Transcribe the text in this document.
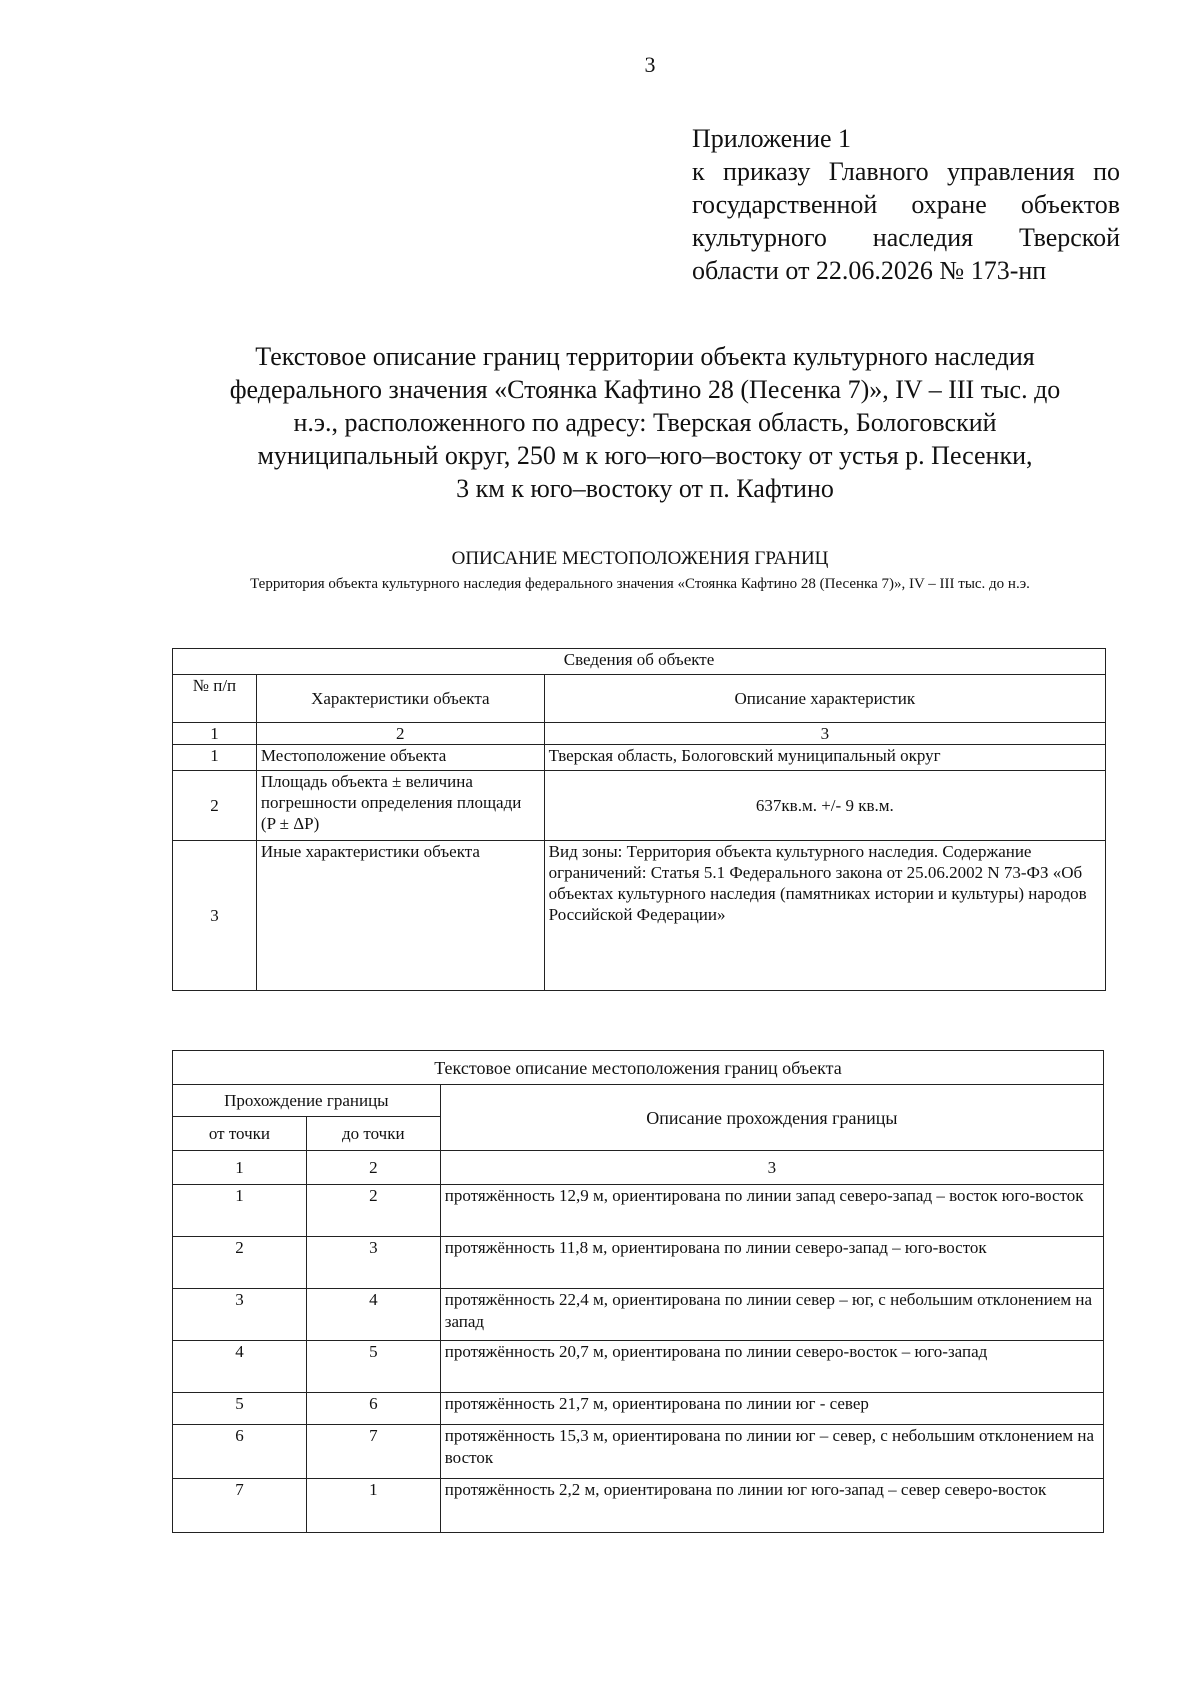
3
Приложение 1
к приказу Главного управления по
государственной охране объектов
культурного наследия Тверской
области от 22.06.2026 № 173-нп
Текстовое описание границ территории объекта культурного наследия
федерального значения «Стоянка Кафтино 28 (Песенка 7)», IV – III тыс. до
н.э., расположенного по адресу: Тверская область, Бологовский
муниципальный округ, 250 м к юго–юго–востоку от устья р. Песенки,
3 км к юго–востоку от п. Кафтино
ОПИСАНИЕ МЕСТОПОЛОЖЕНИЯ ГРАНИЦ
Территория объекта культурного наследия федерального значения «Стоянка Кафтино 28 (Песенка 7)», IV – III тыс. до н.э.
Сведения об объекте		
№ п/п	Характеристики объекта	Описание характеристик
1	2	3
1	Местоположение объекта	Тверская область, Бологовский муниципальный округ
2	Площадь объекта ± величина погрешности определения площади (P ± ΔP)	637кв.м. +/- 9 кв.м.
3	Иные характеристики объекта	Вид зоны: Территория объекта культурного наследия. Содержание ограничений: Статья 5.1 Федерального закона от 25.06.2002 N 73-ФЗ «Об объектах культурного наследия (памятниках истории и культуры) народов Российской Федерации»
Текстовое описание местоположения границ объекта		
Прохождение границы		Описание прохождения границы
от точки	до точки	
1	2	3
1	2	протяжённость 12,9 м, ориентирована по линии запад северо-запад – восток юго-восток
2	3	протяжённость 11,8 м, ориентирована по линии северо-запад – юго-восток
3	4	протяжённость 22,4 м, ориентирована по линии север – юг, с небольшим отклонением на запад
4	5	протяжённость 20,7 м, ориентирована по линии северо-восток – юго-запад
5	6	протяжённость 21,7 м, ориентирована по линии юг - север
6	7	протяжённость 15,3 м, ориентирована по линии юг – север, с небольшим отклонением на восток
7	1	протяжённость 2,2 м, ориентирована по линии юг юго-запад – север северо-восток
